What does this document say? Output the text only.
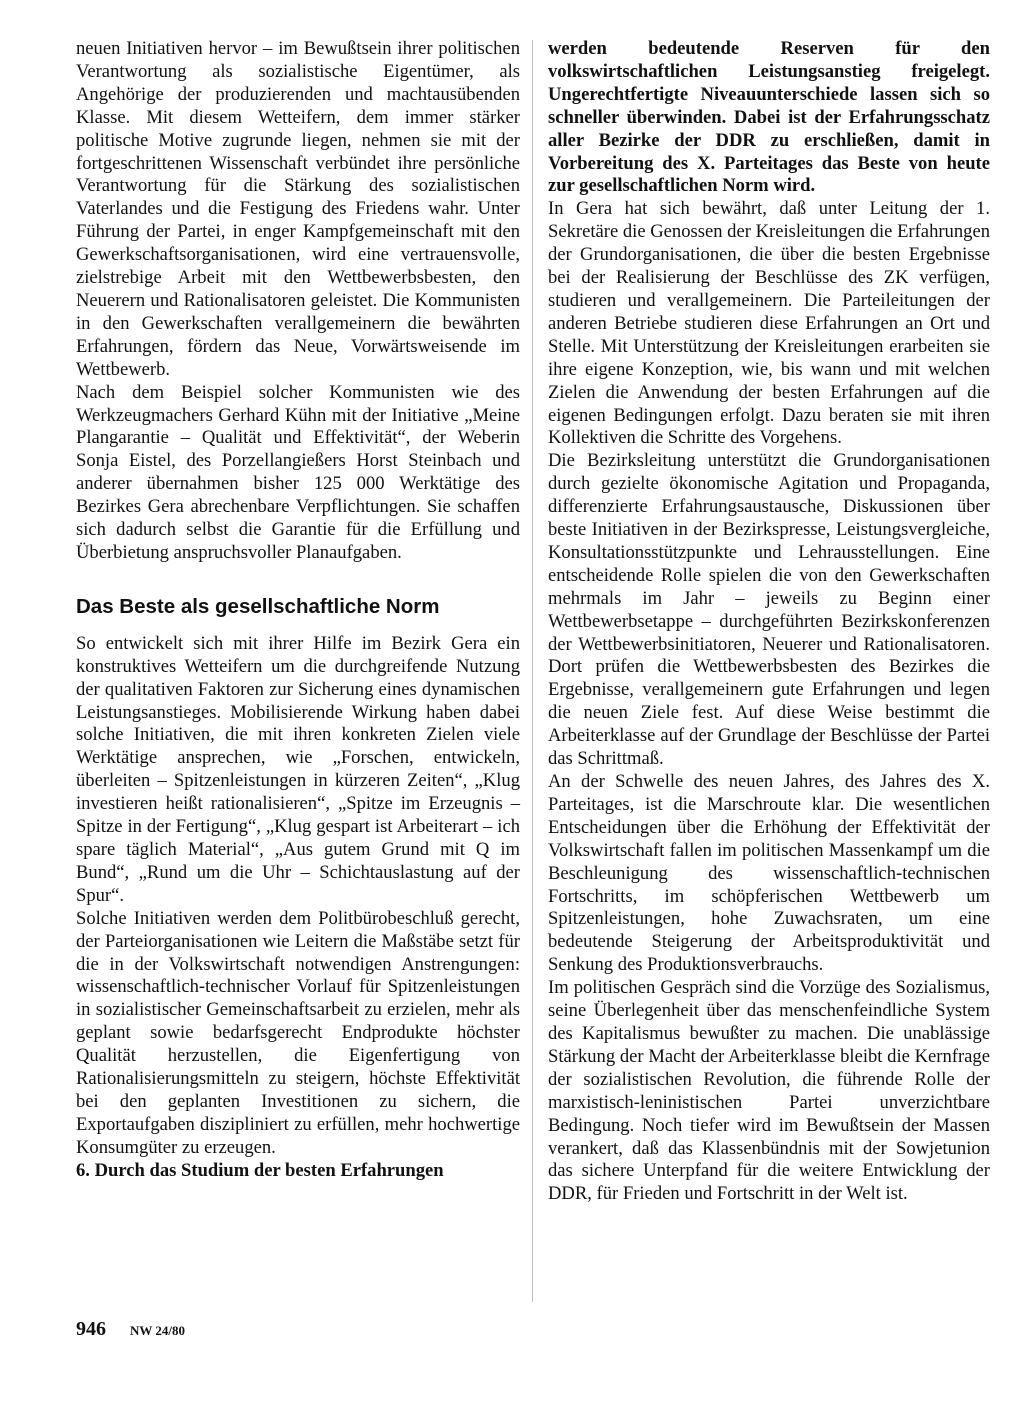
neuen Initiativen hervor – im Bewußtsein ihrer politischen Verantwortung als sozialistische Eigentümer, als Angehörige der produzierenden und machtausübenden Klasse. Mit diesem Wetteifern, dem immer stärker politische Motive zugrunde liegen, nehmen sie mit der fortgeschrittenen Wissenschaft verbündet ihre persönliche Verantwortung für die Stärkung des sozialistischen Vaterlandes und die Festigung des Friedens wahr. Unter Führung der Partei, in enger Kampfgemeinschaft mit den Gewerkschaftsorganisationen, wird eine vertrauensvolle, zielstrebige Arbeit mit den Wettbewerbsbesten, den Neuerern und Rationalisatoren geleistet. Die Kommunisten in den Gewerkschaften verallgemeinern die bewährten Erfahrungen, fördern das Neue, Vorwärtsweisende im Wettbewerb.

Nach dem Beispiel solcher Kommunisten wie des Werkzeugmachers Gerhard Kühn mit der Initiative „Meine Plangarantie – Qualität und Effektivität“, der Weberin Sonja Eistel, des Porzellangießers Horst Steinbach und anderer übernahmen bisher 125 000 Werktätige des Bezirkes Gera abrechenbare Verpflichtungen. Sie schaffen sich dadurch selbst die Garantie für die Erfüllung und Überbietung anspruchsvoller Planaufgaben.

Das Beste als gesellschaftliche Norm

So entwickelt sich mit ihrer Hilfe im Bezirk Gera ein konstruktives Wetteifern um die durchgreifende Nutzung der qualitativen Faktoren zur Sicherung eines dynamischen Leistungsanstieges. Mobilisierende Wirkung haben dabei solche Initiativen, die mit ihren konkreten Zielen viele Werktätige ansprechen, wie „Forschen, entwickeln, überleiten – Spitzenleistungen in kürzeren Zeiten“, „Klug investieren heißt rationalisieren“, „Spitze im Erzeugnis – Spitze in der Fertigung“, „Klug gespart ist Arbeiterart – ich spare täglich Material“, „Aus gutem Grund mit Q im Bund“, „Rund um die Uhr – Schichtauslastung auf der Spur“.

Solche Initiativen werden dem Politbürobeschluß gerecht, der Parteiorganisationen wie Leitern die Maßstäbe setzt für die in der Volkswirtschaft notwendigen Anstrengungen: wissenschaftlich-technischer Vorlauf für Spitzenleistungen in sozialistischer Gemeinschaftsarbeit zu erzielen, mehr als geplant sowie bedarfsgerecht Endprodukte höchster Qualität herzustellen, die Eigenfertigung von Rationalisierungsmitteln zu steigern, höchste Effektivität bei den geplanten Investitionen zu sichern, die Exportaufgaben diszipliniert zu erfüllen, mehr hochwertige Konsumgüter zu erzeugen.

6. Durch das Studium der besten Erfahrungen

werden bedeutende Reserven für den volkswirtschaftlichen Leistungsanstieg freigelegt. Ungerechtfertigte Niveauunterschiede lassen sich so schneller überwinden. Dabei ist der Erfahrungsschatz aller Bezirke der DDR zu erschließen, damit in Vorbereitung des X. Parteitages das Beste von heute zur gesellschaftlichen Norm wird.

In Gera hat sich bewährt, daß unter Leitung der 1. Sekretäre die Genossen der Kreisleitungen die Erfahrungen der Grundorganisationen, die über die besten Ergebnisse bei der Realisierung der Beschlüsse des ZK verfügen, studieren und verallgemeinern. Die Parteileitungen der anderen Betriebe studieren diese Erfahrungen an Ort und Stelle. Mit Unterstützung der Kreisleitungen erarbeiten sie ihre eigene Konzeption, wie, bis wann und mit welchen Zielen die Anwendung der besten Erfahrungen auf die eigenen Bedingungen erfolgt. Dazu beraten sie mit ihren Kollektiven die Schritte des Vorgehens.

Die Bezirksleitung unterstützt die Grundorganisationen durch gezielte ökonomische Agitation und Propaganda, differenzierte Erfahrungsaustausche, Diskussionen über beste Initiativen in der Bezirkspresse, Leistungsvergleiche, Konsultationsstützpunkte und Lehrausstellungen. Eine entscheidende Rolle spielen die von den Gewerkschaften mehrmals im Jahr – jeweils zu Beginn einer Wettbewerbsetappe – durchgeführten Bezirkskonferenzen der Wettbewerbsinitiatoren, Neuerer und Rationalisatoren. Dort prüfen die Wettbewerbsbesten des Bezirkes die Ergebnisse, verallgemeinern gute Erfahrungen und legen die neuen Ziele fest. Auf diese Weise bestimmt die Arbeiterklasse auf der Grundlage der Beschlüsse der Partei das Schrittmaß.

An der Schwelle des neuen Jahres, des Jahres des X. Parteitages, ist die Marschroute klar. Die wesentlichen Entscheidungen über die Erhöhung der Effektivität der Volkswirtschaft fallen im politischen Massenkampf um die Beschleunigung des wissenschaftlich-technischen Fortschritts, im schöpferischen Wettbewerb um Spitzenleistungen, hohe Zuwachsraten, um eine bedeutende Steigerung der Arbeitsproduktivität und Senkung des Produktionsverbrauchs.

Im politischen Gespräch sind die Vorzüge des Sozialismus, seine Überlegenheit über das menschenfeindliche System des Kapitalismus bewußter zu machen. Die unablässige Stärkung der Macht der Arbeiterklasse bleibt die Kernfrage der sozialistischen Revolution, die führende Rolle der marxistisch-leninistischen Partei unverzichtbare Bedingung. Noch tiefer wird im Bewußtsein der Massen verankert, daß das Klassenbündnis mit der Sowjetunion das sichere Unterpfand für die weitere Entwicklung der DDR, für Frieden und Fortschritt in der Welt ist.

946 NW 24/80
